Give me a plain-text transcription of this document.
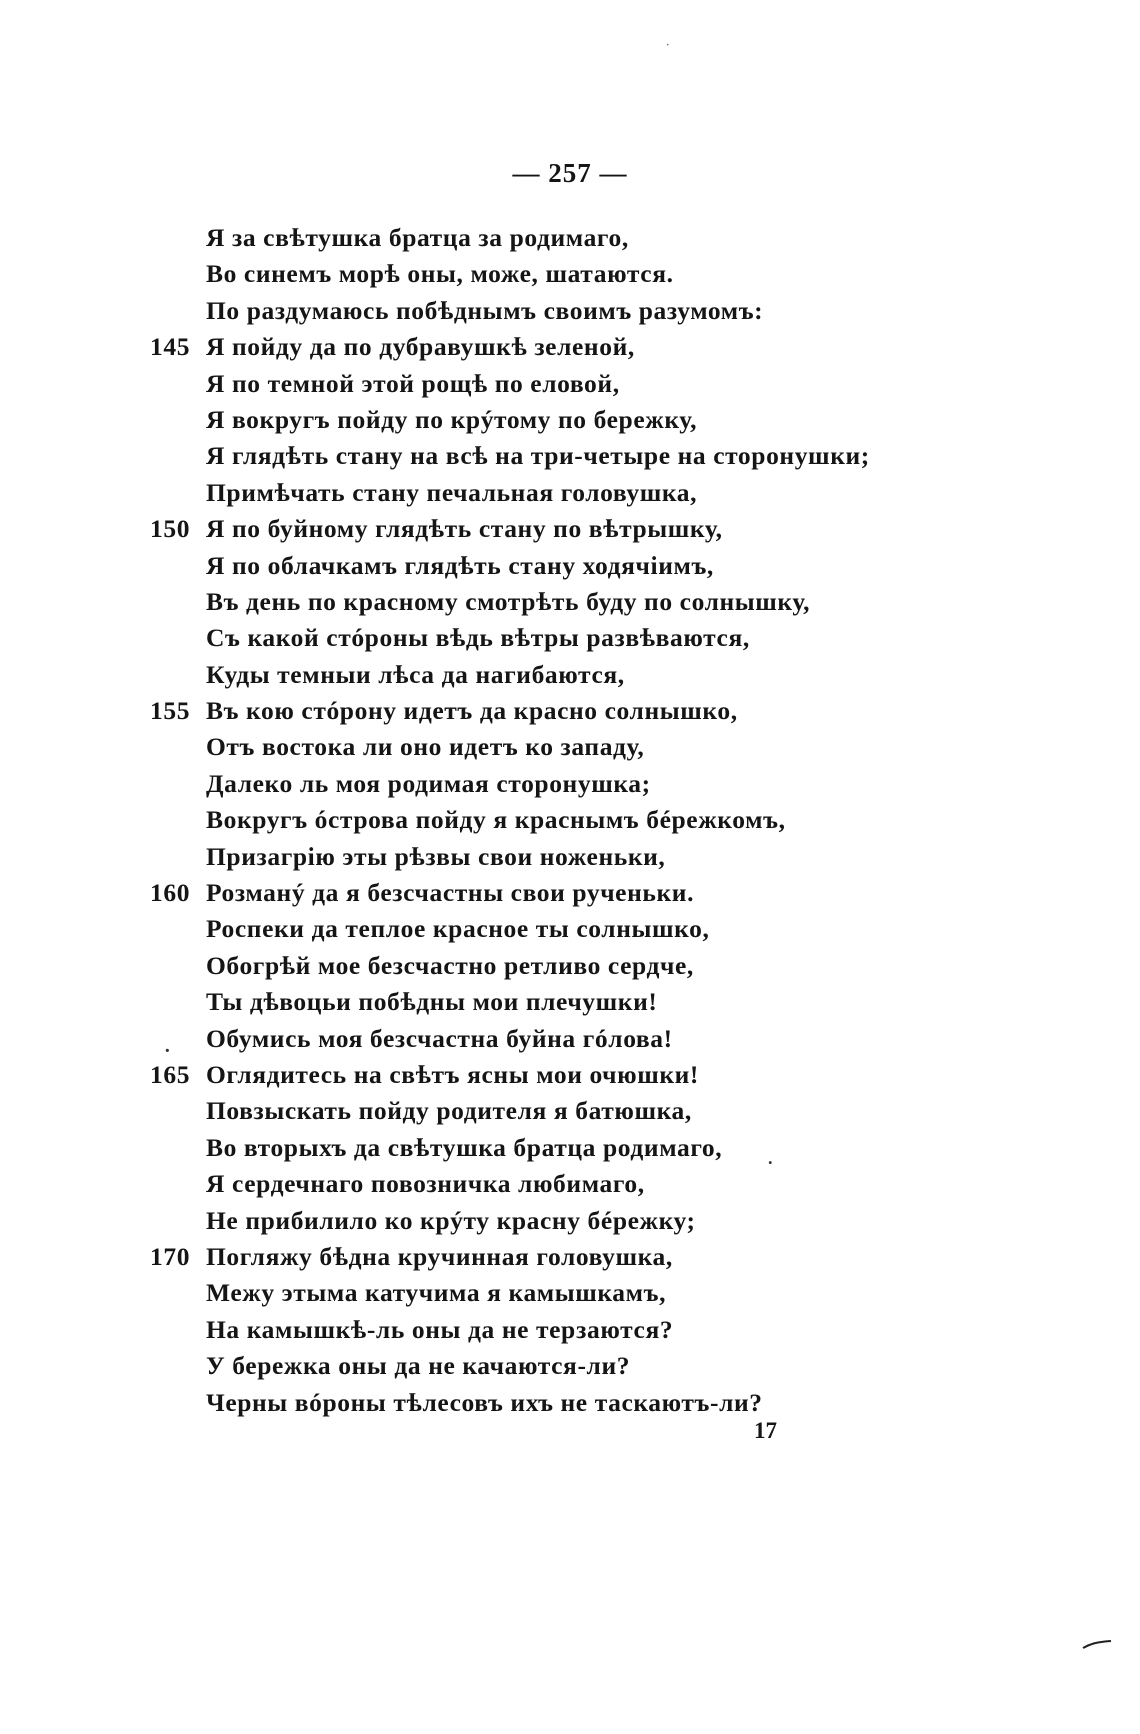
— 257 —
Я за свѣтушка братца за родимаго,
Во синемъ морѣ оны, може, шатаются.
По раздумаюсь побѣднымъ своимъ разумомъ:
145 Я пойду да по дубравушкѣ зеленой,
Я по темной этой рощѣ по еловой,
Я вокругъ пойду по крýтому по бережку,
Я глядѣть стану на всѣ на три-четыре на сторонушки;
Примѣчать стану печальная головушка,
150 Я по буйному глядѣть стану по вѣтрышку,
Я по облачкамъ глядѣть стану ходячіимъ,
Въ день по красному смотрѣть буду по солнышку,
Съ какой стóроны вѣдь вѣтры развѣваются,
Куды темныи лѣса да нагибаются,
155 Въ кою стóрону идетъ да красно солнышко,
Отъ востока ли оно идетъ ко западу,
Далеко ль моя родимая сторонушка;
Вокругъ óстрова пойду я краснымъ бéрежкомъ,
Призагрію эты рѣзвы свои ноженьки,
160 Розманý да я безсчастны свои рученьки.
Роспеки да теплое красное ты солнышко,
Обогрѣй мое безсчастно ретливо сердче,
Ты дѣвоцьи побѣдны мои плечушки!
Обумись моя безсчастна буйна гóлова!
165 Оглядитесь на свѣтъ ясны мои очюшки!
Повзыскать пойду родителя я батюшка,
Во вторыхъ да свѣтушка братца родимаго,
Я сердечнаго повозничка любимаго,
Не прибилило ко крýту красну бéрежку;
170 Погляжу бѣдна кручинная головушка,
Межу этыма катучима я камышкамъ,
На камышкѣ-ль оны да не терзаются?
У бережка оны да не качаются-ли?
Черны вóроны тѣлесовъ ихъ не таскаютъ-ли?
17
·
.
·
